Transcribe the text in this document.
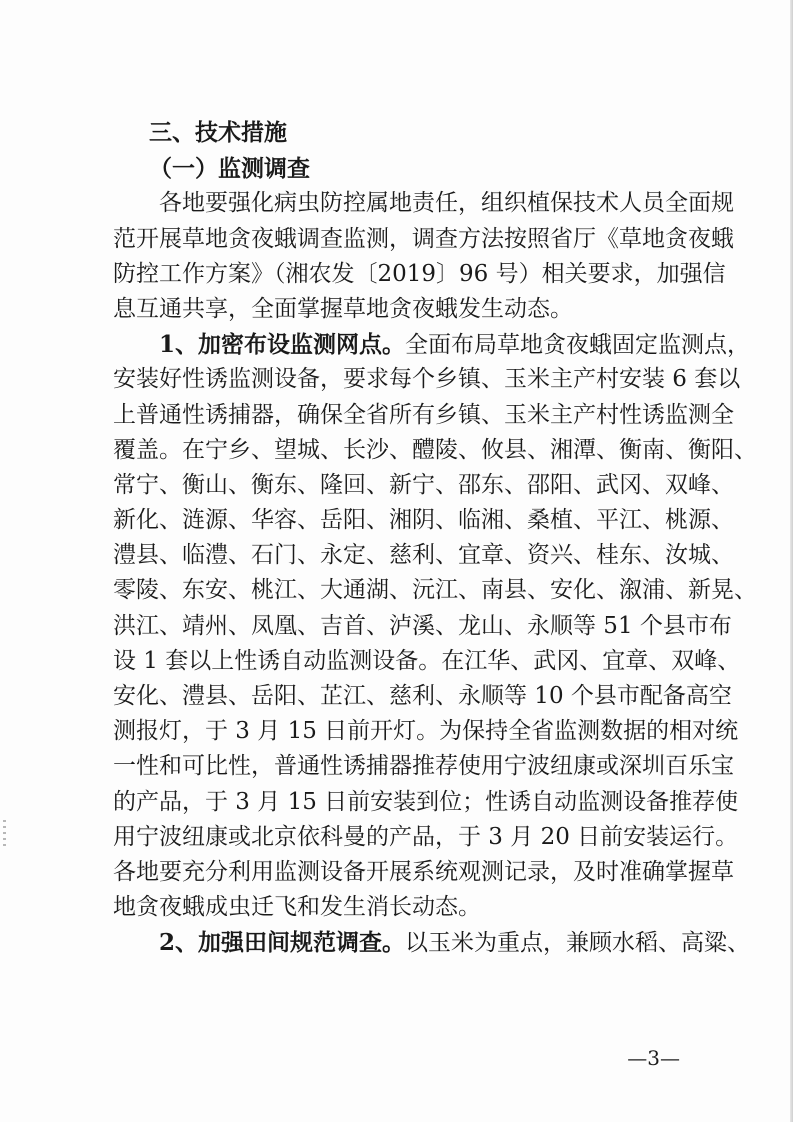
三、技术措施
（一）监测调查
各地要强化病虫防控属地责任，组织植保技术人员全面规
范开展草地贪夜蛾调查监测，调查方法按照省厅《草地贪夜蛾
防控工作方案》（湘农发〔2019〕96 号）相关要求，加强信
息互通共享，全面掌握草地贪夜蛾发生动态。
1、加密布设监测网点。全面布局草地贪夜蛾固定监测点，
安装好性诱监测设备，要求每个乡镇、玉米主产村安装 6 套以
上普通性诱捕器，确保全省所有乡镇、玉米主产村性诱监测全
覆盖。在宁乡、望城、长沙、醴陵、攸县、湘潭、衡南、衡阳、
常宁、衡山、衡东、隆回、新宁、邵东、邵阳、武冈、双峰、
新化、涟源、华容、岳阳、湘阴、临湘、桑植、平江、桃源、
澧县、临澧、石门、永定、慈利、宜章、资兴、桂东、汝城、
零陵、东安、桃江、大通湖、沅江、南县、安化、溆浦、新晃、
洪江、靖州、凤凰、吉首、泸溪、龙山、永顺等 51 个县市布
设 1 套以上性诱自动监测设备。在江华、武冈、宜章、双峰、
安化、澧县、岳阳、芷江、慈利、永顺等 10 个县市配备高空
测报灯，于 3 月 15 日前开灯。为保持全省监测数据的相对统
一性和可比性，普通性诱捕器推荐使用宁波纽康或深圳百乐宝
的产品，于 3 月 15 日前安装到位；性诱自动监测设备推荐使
用宁波纽康或北京依科曼的产品，于 3 月 20 日前安装运行。
各地要充分利用监测设备开展系统观测记录，及时准确掌握草
地贪夜蛾成虫迁飞和发生消长动态。
2、加强田间规范调查。以玉米为重点，兼顾水稻、高粱、
—3—
